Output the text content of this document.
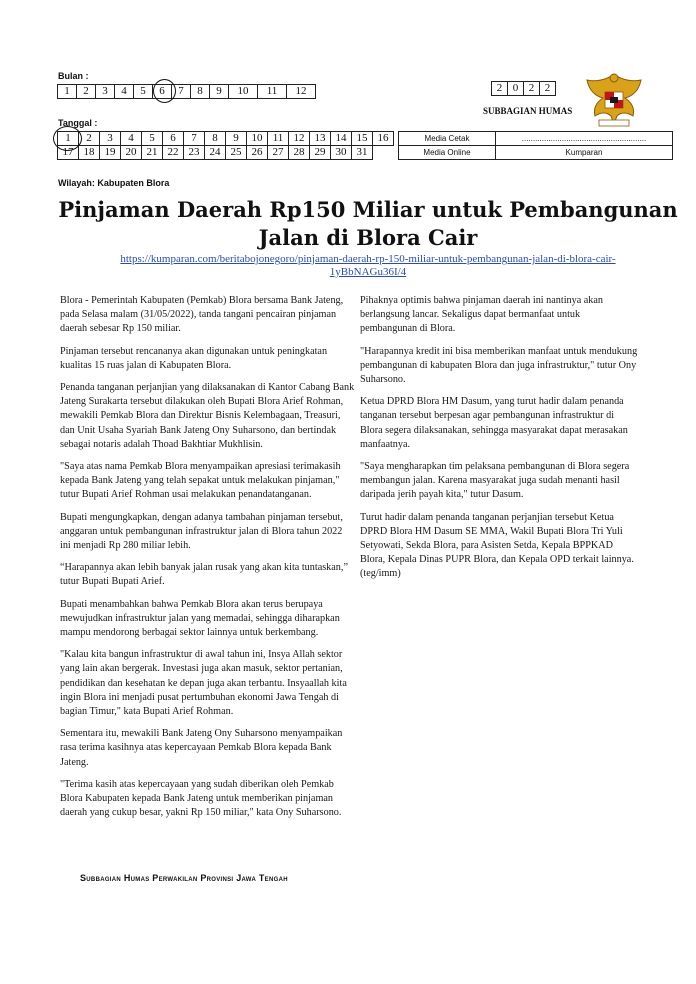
Bulan :
1	2	3	4	5	6	7	8	9	10	11	12	2	0	2	2
SUBBAGIAN HUMAS
Tanggal :
1	2	3	4	5	6	7	8	9	10	11	12	13	14	15	16
17	18	19	20	21	22	23	24	25	26	27	28	29	30	31	
Media Cetak	........................................................
Media Online	Kumparan
Wilayah: Kabupaten Blora
Pinjaman Daerah Rp150 Miliar untuk Pembangunan
Jalan di Blora Cair
https://kumparan.com/beritabojonegoro/pinjaman-daerah-rp-150-miliar-untuk-pembangunan-jalan-di-blora-cair-
1yBbNAGu36I/4

Blora - Pemerintah Kabupaten (Pemkab) Blora bersama Bank Jateng, pada Selasa malam (31/05/2022), tanda tangani pencairan pinjaman daerah sebesar Rp 150 miliar.

Pinjaman tersebut rencananya akan digunakan untuk peningkatan kualitas 15 ruas jalan di Kabupaten Blora.

Penanda tanganan perjanjian yang dilaksanakan di Kantor Cabang Bank Jateng Surakarta tersebut dilakukan oleh Bupati Blora Arief Rohman, mewakili Pemkab Blora dan Direktur Bisnis Kelembagaan, Treasuri, dan Unit Usaha Syariah Bank Jateng Ony Suharsono, dan bertindak sebagai notaris adalah Thoad Bakhtiar Mukhlisin.

"Saya atas nama Pemkab Blora menyampaikan apresiasi terimakasih kepada Bank Jateng yang telah sepakat untuk melakukan pinjaman," tutur Bupati Arief Rohman usai melakukan penandatanganan.

Bupati mengungkapkan, dengan adanya tambahan pinjaman tersebut, anggaran untuk pembangunan infrastruktur jalan di Blora tahun 2022 ini menjadi Rp 280 miliar lebih.

“Harapannya akan lebih banyak jalan rusak yang akan kita tuntaskan,” tutur Bupati Bupati Arief.

Bupati menambahkan bahwa Pemkab Blora akan terus berupaya mewujudkan infrastruktur jalan yang memadai, sehingga diharapkan mampu mendorong berbagai sektor lainnya untuk berkembang.

"Kalau kita bangun infrastruktur di awal tahun ini, Insya Allah sektor yang lain akan bergerak. Investasi juga akan masuk, sektor pertanian, pendidikan dan kesehatan ke depan juga akan terbantu. Insyaallah kita ingin Blora ini menjadi pusat pertumbuhan ekonomi Jawa Tengah di bagian Timur," kata Bupati Arief Rohman.

Sementara itu, mewakili Bank Jateng Ony Suharsono menyampaikan rasa terima kasihnya atas kepercayaan Pemkab Blora kepada Bank Jateng.

"Terima kasih atas kepercayaan yang sudah diberikan oleh Pemkab Blora Kabupaten kepada Bank Jateng untuk memberikan pinjaman daerah yang cukup besar, yakni Rp 150 miliar," kata Ony Suharsono.

Pihaknya optimis bahwa pinjaman daerah ini nantinya akan berlangsung lancar. Sekaligus dapat bermanfaat untuk pembangunan di Blora.

"Harapannya kredit ini bisa memberikan manfaat untuk mendukung pembangunan di kabupaten Blora dan juga infrastruktur," tutur Ony Suharsono.

Ketua DPRD Blora HM Dasum, yang turut hadir dalam penanda tanganan tersebut berpesan agar pembangunan infrastruktur di Blora segera dilaksanakan, sehingga masyarakat dapat merasakan manfaatnya.

"Saya mengharapkan tim pelaksana pembangunan di Blora segera membangun jalan. Karena masyarakat juga sudah menanti hasil daripada jerih payah kita," tutur Dasum.

Turut hadir dalam penanda tanganan perjanjian tersebut Ketua DPRD Blora HM Dasum SE MMA, Wakil Bupati Blora Tri Yuli Setyowati, Sekda Blora, para Asisten Setda, Kepala BPPKAD Blora, Kepala Dinas PUPR Blora, dan Kepala OPD terkait lainnya. (teg/imm)

Subbagian Humas Perwakilan Provinsi Jawa Tengah
